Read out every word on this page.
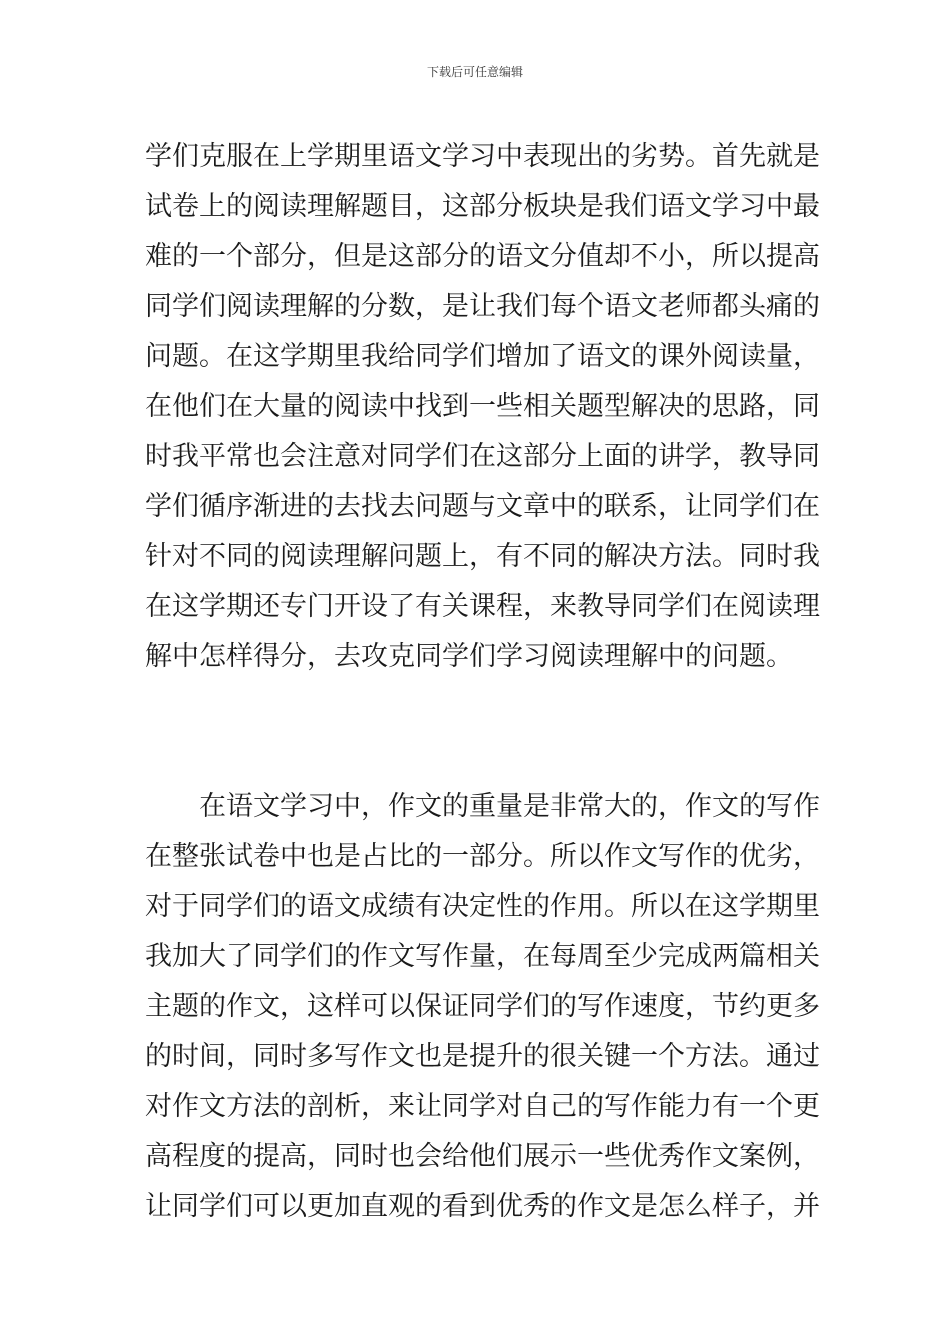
下载后可任意编辑
学们克服在上学期里语文学习中表现出的劣势。首先就是
试卷上的阅读理解题目，这部分板块是我们语文学习中最
难的一个部分，但是这部分的语文分值却不小，所以提高
同学们阅读理解的分数，是让我们每个语文老师都头痛的
问题。在这学期里我给同学们增加了语文的课外阅读量，
在他们在大量的阅读中找到一些相关题型解决的思路，同
时我平常也会注意对同学们在这部分上面的讲学，教导同
学们循序渐进的去找去问题与文章中的联系，让同学们在
针对不同的阅读理解问题上，有不同的解决方法。同时我
在这学期还专门开设了有关课程，来教导同学们在阅读理
解中怎样得分，去攻克同学们学习阅读理解中的问题。
　　在语文学习中，作文的重量是非常大的，作文的写作
在整张试卷中也是占比的一部分。所以作文写作的优劣，
对于同学们的语文成绩有决定性的作用。所以在这学期里
我加大了同学们的作文写作量，在每周至少完成两篇相关
主题的作文，这样可以保证同学们的写作速度，节约更多
的时间，同时多写作文也是提升的很关键一个方法。通过
对作文方法的剖析，来让同学对自己的写作能力有一个更
高程度的提高，同时也会给他们展示一些优秀作文案例，
让同学们可以更加直观的看到优秀的作文是怎么样子，并
